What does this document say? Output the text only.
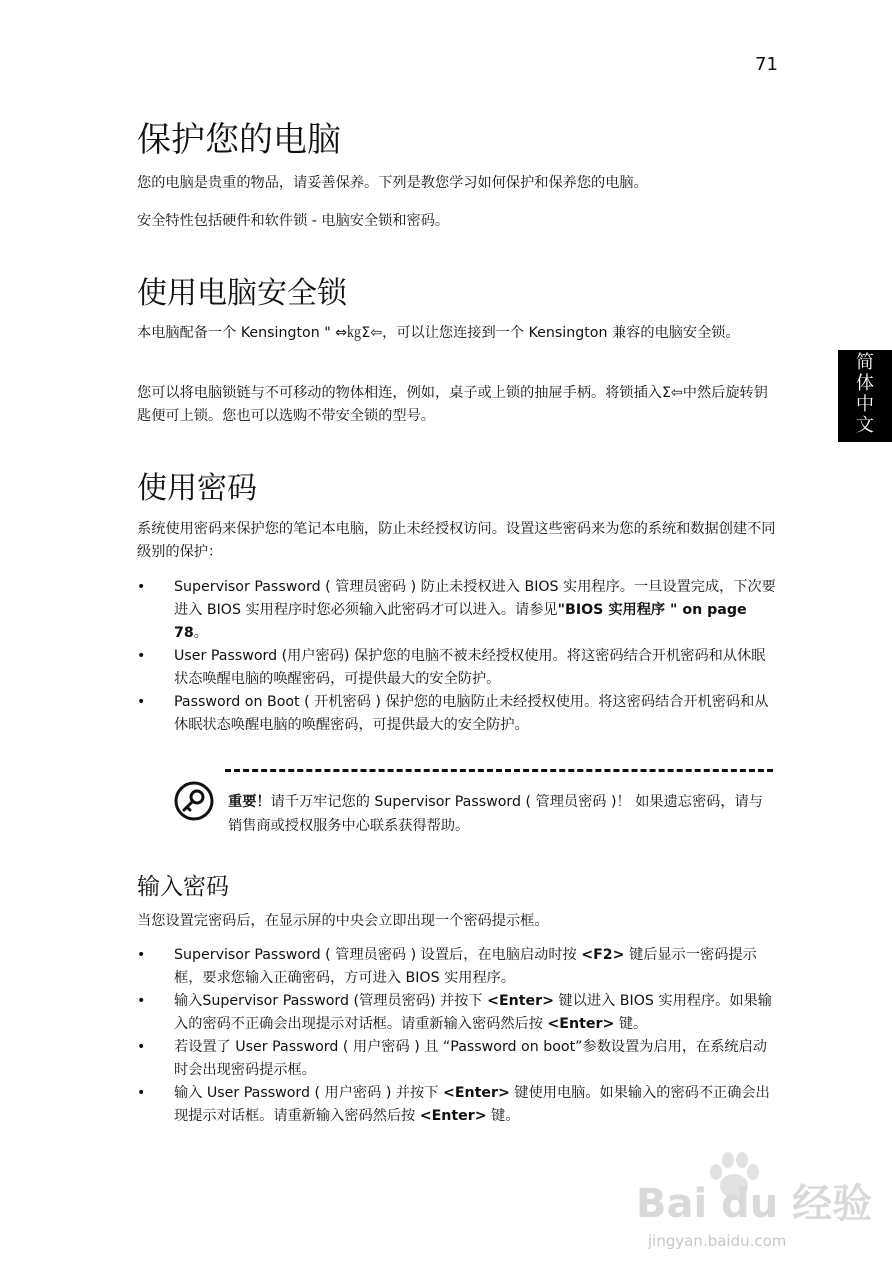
71
简
体
中
文
保护您的电脑

您的电脑是贵重的物品，请妥善保养。下列是教您学习如何保护和保养您的电脑。

安全特性包括硬件和软件锁 - 电脑安全锁和密码。

使用电脑安全锁

本电脑配备一个 Kensington " ⇔㎏Σ⇦，可以让您连接到一个 Kensington 兼容的电脑安全锁。

您可以将电脑锁链与不可移动的物体相连，例如，桌子或上锁的抽屉手柄。将锁插入Σ⇦中然后旋转钥匙便可上锁。您也可以选购不带安全锁的型号。

使用密码

系统使用密码来保护您的笔记本电脑，防止未经授权访问。设置这些密码来为您的系统和数据创建不同级别的保护：

• Supervisor Password ( 管理员密码 ) 防止未授权进入 BIOS 实用程序。一旦设置完成，下次要进入 BIOS 实用程序时您必须输入此密码才可以进入。请参见"BIOS 实用程序 " on page 78。
• User Password (用户密码) 保护您的电脑不被未经授权使用。将这密码结合开机密码和从休眠状态唤醒电脑的唤醒密码，可提供最大的安全防护。
• Password on Boot ( 开机密码 ) 保护您的电脑防止未经授权使用。将这密码结合开机密码和从休眠状态唤醒电脑的唤醒密码，可提供最大的安全防护。
输入密码

当您设置完密码后，在显示屏的中央会立即出现一个密码提示框。

• Supervisor Password ( 管理员密码 ) 设置后，在电脑启动时按 <F2> 键后显示一密码提示框，要求您输入正确密码，方可进入 BIOS 实用程序。
• 输入Supervisor Password (管理员密码) 并按下 <Enter> 键以进入 BIOS 实用程序。如果输入的密码不正确会出现提示对话框。请重新输入密码然后按 <Enter> 键。
• 若设置了 User Password ( 用户密码 ) 且 “Password on boot”参数设置为启用，在系统启动时会出现密码提示框。
• 输入 User Password ( 用户密码 ) 并按下 <Enter> 键使用电脑。如果输入的密码不正确会出现提示对话框。请重新输入密码然后按 <Enter> 键。

重要！请千万牢记您的 Supervisor Password ( 管理员密码 )！ 如果遗忘密码，请与销售商或授权服务中心联系获得帮助。

Bai du 经验
jingyan.baidu.com
